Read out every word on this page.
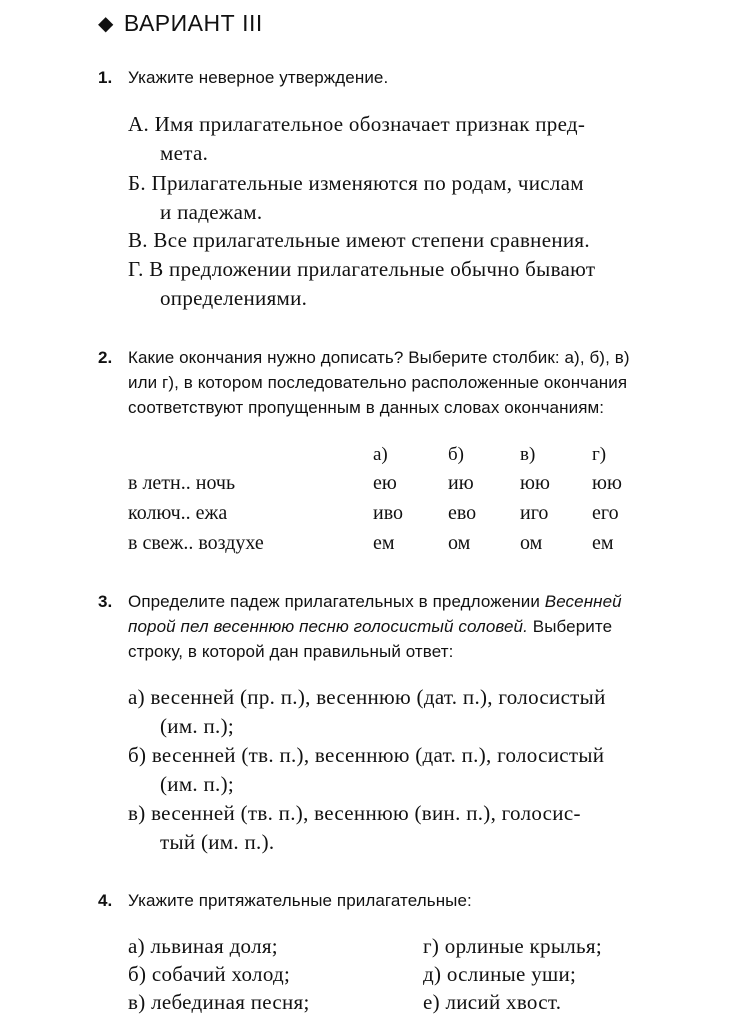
◆ ВАРИАНТ III
1. Укажите неверное утверждение.
А. Имя прилагательное обозначает признак пред-
мета.
Б. Прилагательные изменяются по родам, числам
и падежам.
В. Все прилагательные имеют степени сравнения.
Г. В предложении прилагательные обычно бывают
определениями.
2. Какие окончания нужно дописать? Выберите столбик: а), б), в)
или г), в котором последовательно расположенные окончания
соответствуют пропущенным в данных словах окончаниям:
а)	б)	в)	г)
в летн.. ночь	ею	ию юю юю
колюч.. ежа	иво ево иго его
в свеж.. воздухе	ем	ом ом ем
3. Определите падеж прилагательных в предложении Весенней
порой пел весеннюю песню голосистый соловей. Выберите
строку, в которой дан правильный ответ:
а) весенней (пр. п.), весеннюю (дат. п.), голосистый
(им. п.);
б) весенней (тв. п.), весеннюю (дат. п.), голосистый
(им. п.);
в) весенней (тв. п.), весеннюю (вин. п.), голосис-
тый (им. п.).
4. Укажите притяжательные прилагательные:
а) львиная доля;
б) собачий холод;
в) лебединая песня;
г) орлиные крылья;
д) ослиные уши;
е) лисий хвост.
